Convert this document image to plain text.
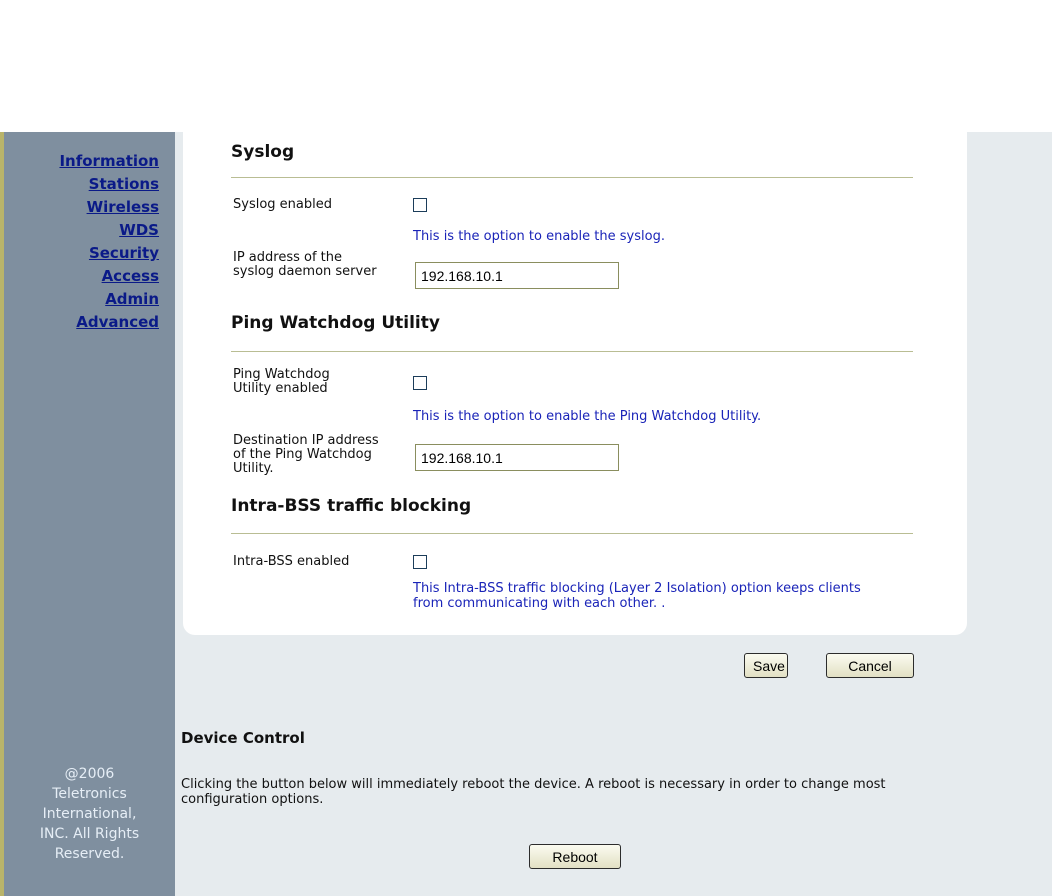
Information
Stations
Wireless
WDS
Security
Access
Admin
Advanced
@2006
Teletronics
International,
INC. All Rights
Reserved.
Syslog
Syslog enabled
This is the option to enable the syslog.
IP address of the syslog daemon server
192.168.10.1
Ping Watchdog Utility
Ping Watchdog Utility enabled
This is the option to enable the Ping Watchdog Utility.
Destination IP address of the Ping Watchdog Utility.
192.168.10.1
Intra-BSS traffic blocking
Intra-BSS enabled
This Intra-BSS traffic blocking (Layer 2 Isolation) option keeps clients from communicating with each other. .
Save	Cancel
Device Control
Clicking the button below will immediately reboot the device. A reboot is necessary in order to change most configuration options.
Reboot
